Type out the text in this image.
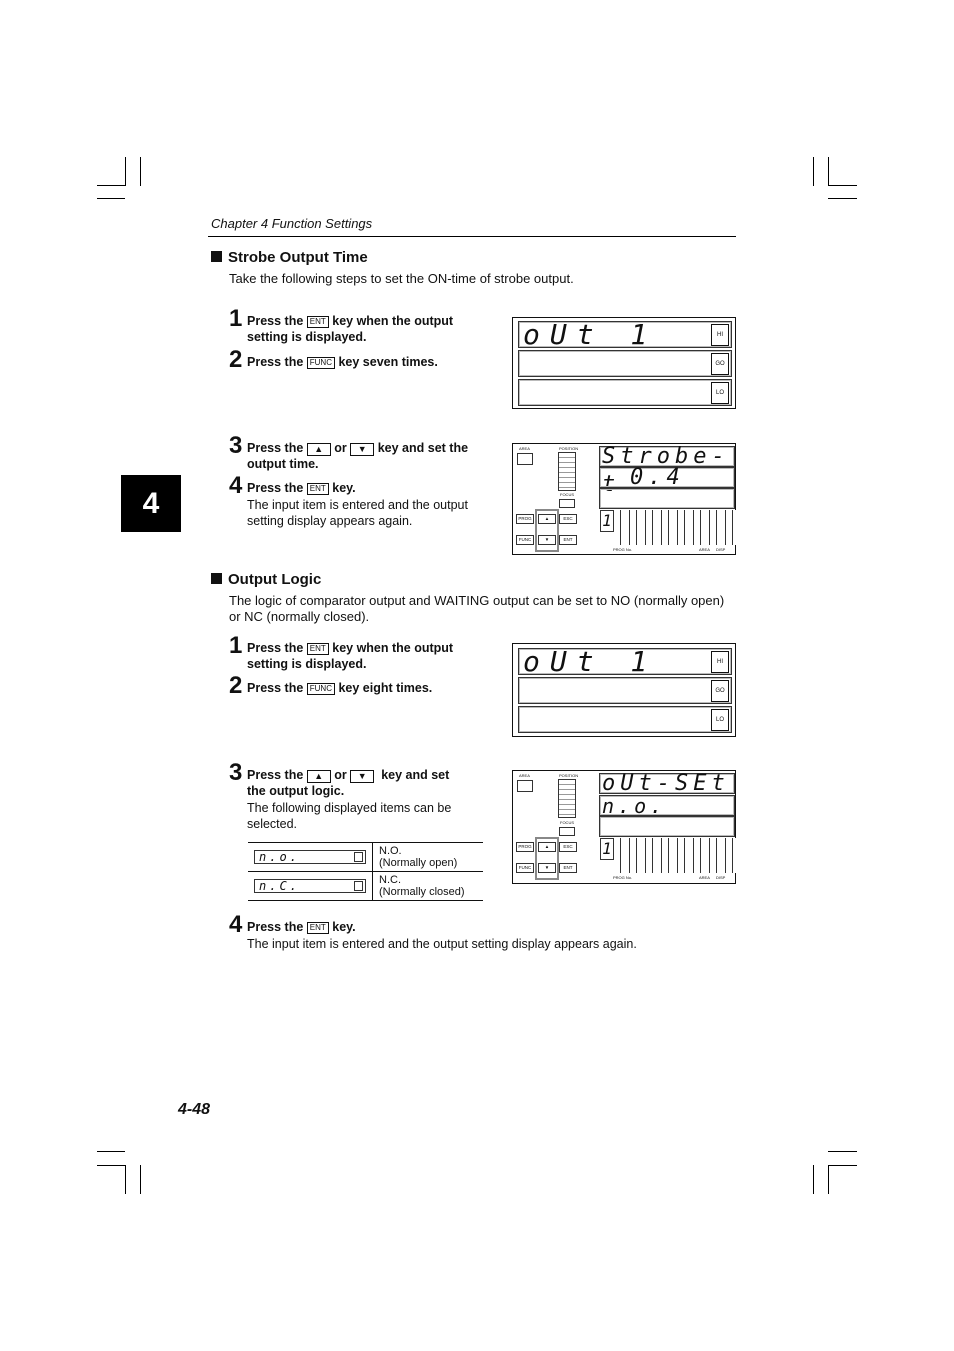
Chapter 4 Function Settings
4
Strobe Output Time
Take the following steps to set the ON-time of strobe output.
1 Press the ENT key when the output
setting is displayed.
2 Press the FUNC key seven times.
oUt 1	HI
GO
LO
3 Press the ▲ or ▼ key and set the
output time.
4 Press the ENT key.
The input item is entered and the output
setting display appears again.
AREA	POSITION
FOCUS
PROG
FUNC
▲
▼
ESC
ENT
Strobe-t 0.4
1
PROG No.	AREA DISP
Output Logic
The logic of comparator output and WAITING output can be set to NO (normally open)
or NC (normally closed).
1 Press the ENT key when the output
setting is displayed.
2 Press the FUNC key eight times.
oUt 1	HI
GO
LO
3 Press the ▲ or ▼ key and set
the output logic.
The following displayed items can be
selected.
n.o.	N.O.
(Normally open)

n.C.	N.C.
(Normally closed)
AREA	POSITION
FOCUS
PROG
FUNC
▲
▼
ESC
ENT
oUt-SEt
n.o.
1
PROG No.	AREA DISP
4 Press the ENT key.
The input item is entered and the output setting display appears again.
4-48
